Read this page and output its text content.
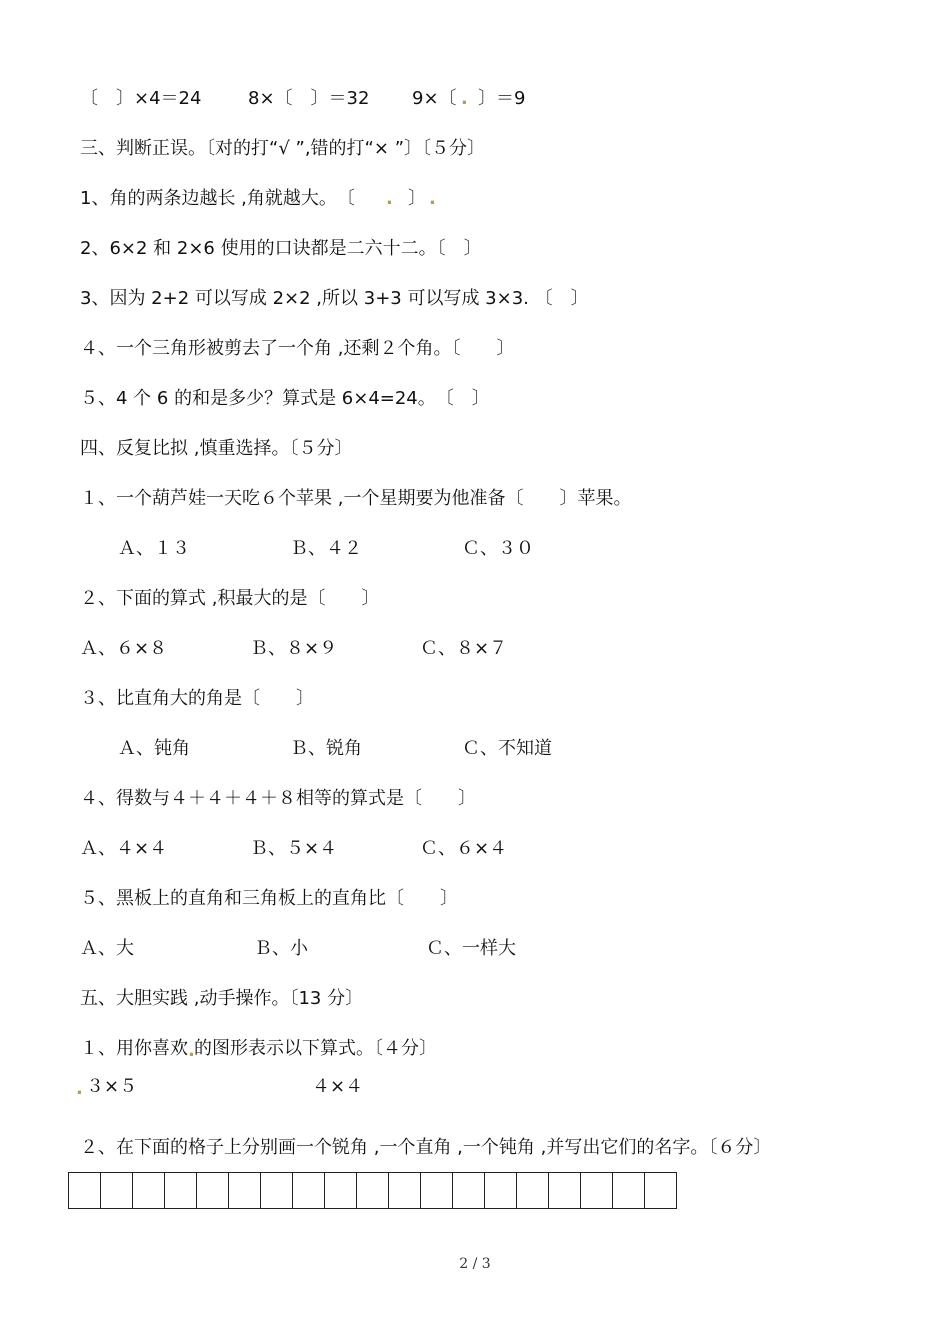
〔　〕×4＝24	8×〔　〕＝32 9×〔 . 〕＝9
三、判断正误。〔对的打“√ ”,错的打“× ”〕〔５分〕
1、角的两条边越长 ,角就越大。　〔 . 〕 .
2、6×2 和 2×6 使用的口诀都是二六十二。〔　〕
3、因为 2+2 可以写成 2×2 ,所以 3+3 可以写成 3×3. 〔　〕
４、一个三角形被剪去了一个角 ,还剩２个角。〔　　〕
５、4 个 6 的和是多少？算式是 6×4=24。　〔　〕
四、反复比拟 ,慎重选择。〔５分〕
１、一个葫芦娃一天吃６个苹果 ,一个星期要为他准备〔　　〕苹果。
Ａ、１３	Ｂ、４２	Ｃ、３０
２、下面的算式 ,积最大的是〔　　〕
Ａ、６×８	Ｂ、８×９	Ｃ、８×７
３、比直角大的角是〔　　〕
Ａ、钝角	Ｂ、锐角	Ｃ、不知道
４、得数与４＋４＋４＋８相等的算式是〔　　〕
Ａ、４×４	Ｂ、５×４	Ｃ、６×４
５、黑板上的直角和三角板上的直角比〔　　〕
Ａ、大	Ｂ、小	Ｃ、一样大
五、大胆实践 ,动手操作。〔13 分〕
１、用你喜欢 . 的图形表示以下算式。〔４分〕
. ３×５	４×４
２、在下面的格子上分别画一个锐角 ,一个直角 ,一个钝角 ,并写出它们的名字。〔６分〕
2 / 3
